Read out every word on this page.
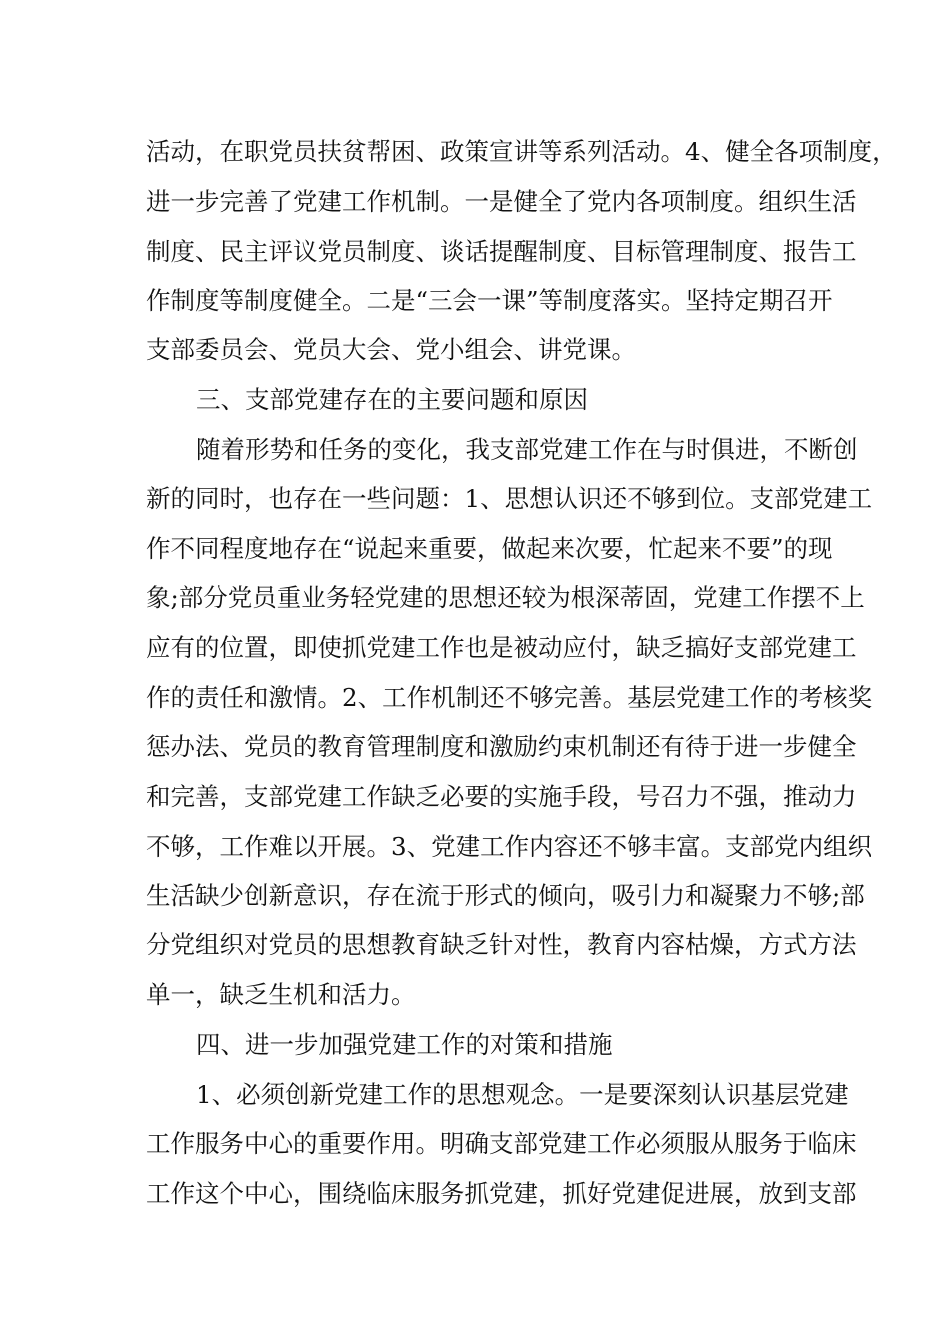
活动，在职党员扶贫帮困、政策宣讲等系列活动。4、健全各项制度，
进一步完善了党建工作机制。一是健全了党内各项制度。组织生活
制度、民主评议党员制度、谈话提醒制度、目标管理制度、报告工
作制度等制度健全。二是“三会一课”等制度落实。坚持定期召开
支部委员会、党员大会、党小组会、讲党课。
三、支部党建存在的主要问题和原因
随着形势和任务的变化，我支部党建工作在与时俱进，不断创
新的同时，也存在一些问题：1、思想认识还不够到位。支部党建工
作不同程度地存在“说起来重要，做起来次要，忙起来不要”的现
象;部分党员重业务轻党建的思想还较为根深蒂固，党建工作摆不上
应有的位置，即使抓党建工作也是被动应付，缺乏搞好支部党建工
作的责任和激情。2、工作机制还不够完善。基层党建工作的考核奖
惩办法、党员的教育管理制度和激励约束机制还有待于进一步健全
和完善，支部党建工作缺乏必要的实施手段，号召力不强，推动力
不够，工作难以开展。3、党建工作内容还不够丰富。支部党内组织
生活缺少创新意识，存在流于形式的倾向，吸引力和凝聚力不够;部
分党组织对党员的思想教育缺乏针对性，教育内容枯燥，方式方法
单一，缺乏生机和活力。
四、进一步加强党建工作的对策和措施
1、必须创新党建工作的思想观念。一是要深刻认识基层党建
工作服务中心的重要作用。明确支部党建工作必须服从服务于临床
工作这个中心，围绕临床服务抓党建，抓好党建促进展，放到支部
